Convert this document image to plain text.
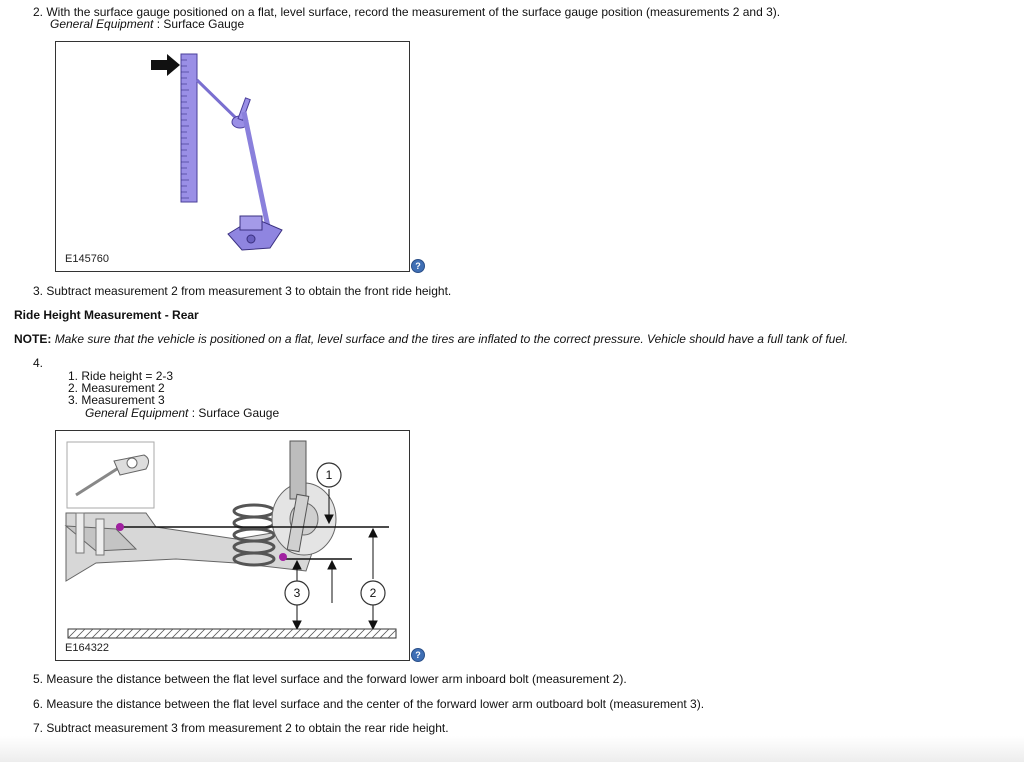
2. With the surface gauge positioned on a flat, level surface, record the measurement of the surface gauge position (measurements 2 and 3).
General Equipment : Surface Gauge
E145760
?
3. Subtract measurement 2 from measurement 3 to obtain the front ride height.
Ride Height Measurement - Rear
NOTE: Make sure that the vehicle is positioned on a flat, level surface and the tires are inflated to the correct pressure. Vehicle should have a full tank of fuel.
4.
1. Ride height = 2-3
2. Measurement 2
3. Measurement 3
General Equipment : Surface Gauge
1
3	2
E164322
?
5. Measure the distance between the flat level surface and the forward lower arm inboard bolt (measurement 2).
6. Measure the distance between the flat level surface and the center of the forward lower arm outboard bolt (measurement 3).
7. Subtract measurement 3 from measurement 2 to obtain the rear ride height.
